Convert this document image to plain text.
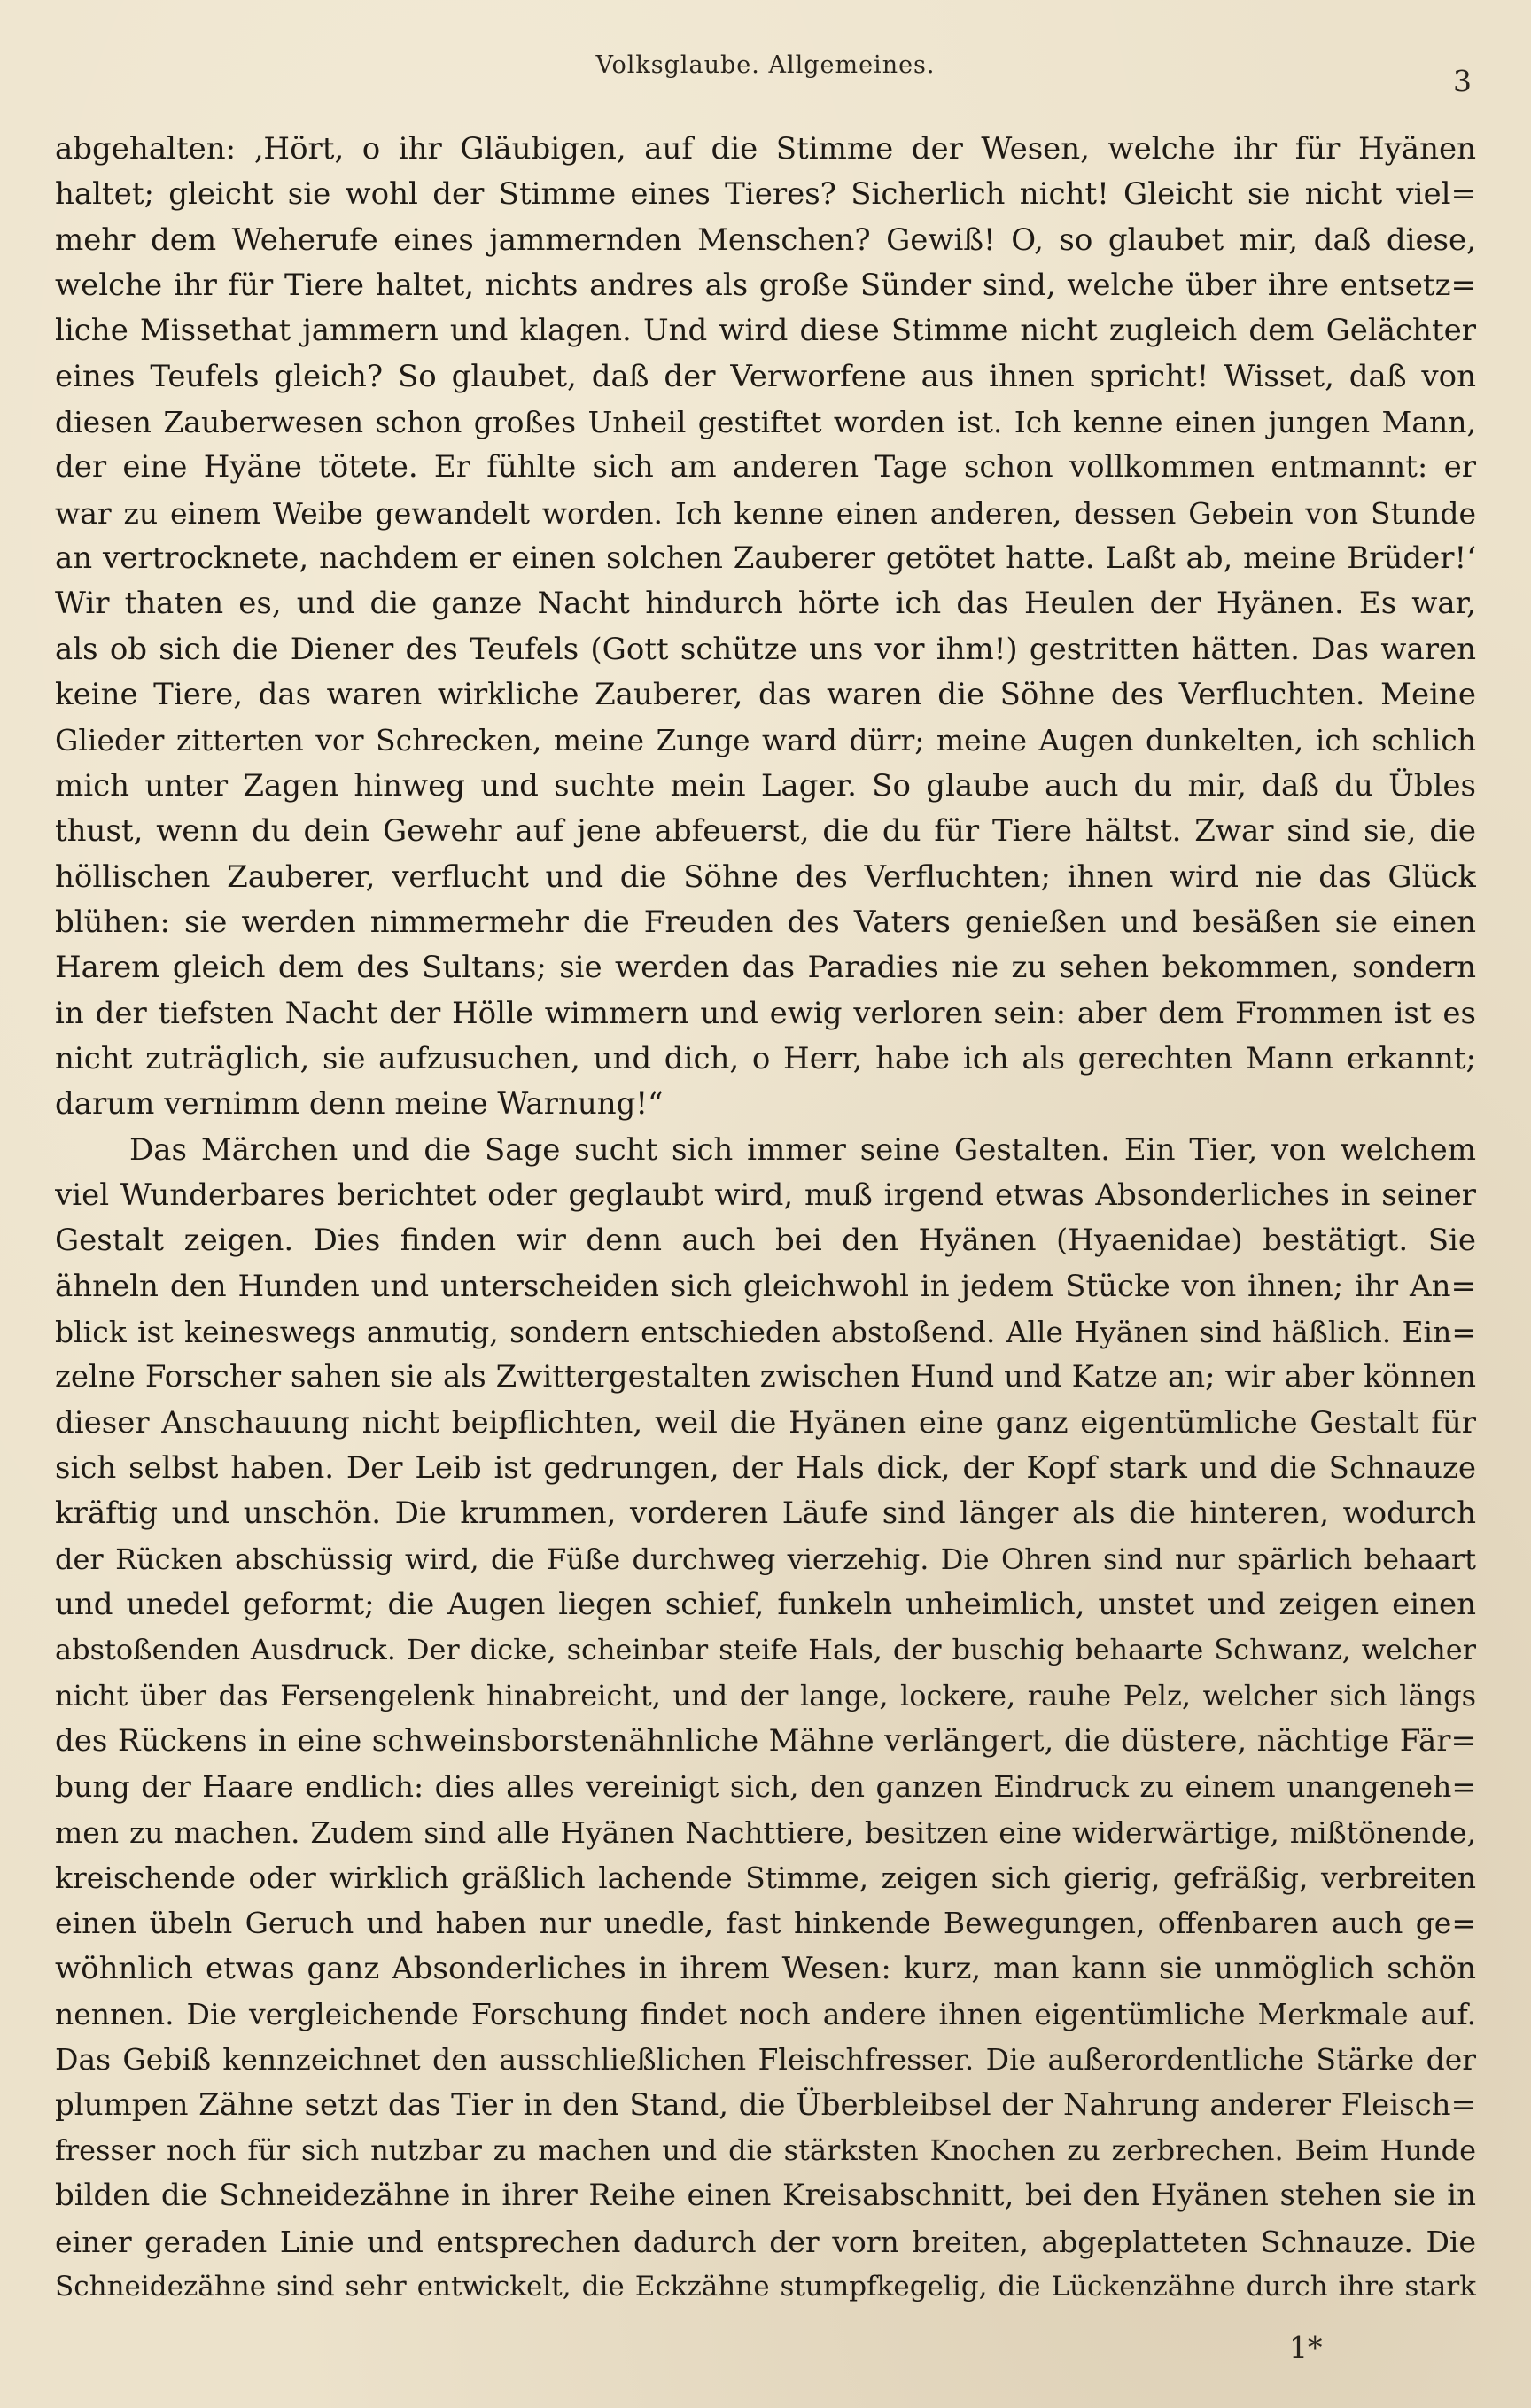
Volksglaube. Allgemeines.	3
abgehalten: ‚Hört, o ihr Gläubigen, auf die Stimme der Wesen, welche ihr für Hyänen
haltet; gleicht sie wohl der Stimme eines Tieres? Sicherlich nicht! Gleicht sie nicht viel=
mehr dem Weherufe eines jammernden Menschen? Gewiß! O, so glaubet mir, daß diese,
welche ihr für Tiere haltet, nichts andres als große Sünder sind, welche über ihre entsetz=
liche Missethat jammern und klagen. Und wird diese Stimme nicht zugleich dem Gelächter
eines Teufels gleich? So glaubet, daß der Verworfene aus ihnen spricht! Wisset, daß von
diesen Zauberwesen schon großes Unheil gestiftet worden ist. Ich kenne einen jungen Mann,
der eine Hyäne tötete. Er fühlte sich am anderen Tage schon vollkommen entmannt: er
war zu einem Weibe gewandelt worden. Ich kenne einen anderen, dessen Gebein von Stunde
an vertrocknete, nachdem er einen solchen Zauberer getötet hatte. Laßt ab, meine Brüder!‘
Wir thaten es, und die ganze Nacht hindurch hörte ich das Heulen der Hyänen. Es war,
als ob sich die Diener des Teufels (Gott schütze uns vor ihm!) gestritten hätten. Das waren
keine Tiere, das waren wirkliche Zauberer, das waren die Söhne des Verfluchten. Meine
Glieder zitterten vor Schrecken, meine Zunge ward dürr; meine Augen dunkelten, ich schlich
mich unter Zagen hinweg und suchte mein Lager. So glaube auch du mir, daß du Übles
thust, wenn du dein Gewehr auf jene abfeuerst, die du für Tiere hältst. Zwar sind sie, die
höllischen Zauberer, verflucht und die Söhne des Verfluchten; ihnen wird nie das Glück
blühen: sie werden nimmermehr die Freuden des Vaters genießen und besäßen sie einen
Harem gleich dem des Sultans; sie werden das Paradies nie zu sehen bekommen, sondern
in der tiefsten Nacht der Hölle wimmern und ewig verloren sein: aber dem Frommen ist es
nicht zuträglich, sie aufzusuchen, und dich, o Herr, habe ich als gerechten Mann erkannt;
darum vernimm denn meine Warnung!“
Das Märchen und die Sage sucht sich immer seine Gestalten. Ein Tier, von welchem
viel Wunderbares berichtet oder geglaubt wird, muß irgend etwas Absonderliches in seiner
Gestalt zeigen. Dies finden wir denn auch bei den Hyänen (Hyaenidae) bestätigt. Sie
ähneln den Hunden und unterscheiden sich gleichwohl in jedem Stücke von ihnen; ihr An=
blick ist keineswegs anmutig, sondern entschieden abstoßend. Alle Hyänen sind häßlich. Ein=
zelne Forscher sahen sie als Zwittergestalten zwischen Hund und Katze an; wir aber können
dieser Anschauung nicht beipflichten, weil die Hyänen eine ganz eigentümliche Gestalt für
sich selbst haben. Der Leib ist gedrungen, der Hals dick, der Kopf stark und die Schnauze
kräftig und unschön. Die krummen, vorderen Läufe sind länger als die hinteren, wodurch
der Rücken abschüssig wird, die Füße durchweg vierzehig. Die Ohren sind nur spärlich behaart
und unedel geformt; die Augen liegen schief, funkeln unheimlich, unstet und zeigen einen
abstoßenden Ausdruck. Der dicke, scheinbar steife Hals, der buschig behaarte Schwanz, welcher
nicht über das Fersengelenk hinabreicht, und der lange, lockere, rauhe Pelz, welcher sich längs
des Rückens in eine schweinsborstenähnliche Mähne verlängert, die düstere, nächtige Fär=
bung der Haare endlich: dies alles vereinigt sich, den ganzen Eindruck zu einem unangeneh=
men zu machen. Zudem sind alle Hyänen Nachttiere, besitzen eine widerwärtige, mißtönende,
kreischende oder wirklich gräßlich lachende Stimme, zeigen sich gierig, gefräßig, verbreiten
einen übeln Geruch und haben nur unedle, fast hinkende Bewegungen, offenbaren auch ge=
wöhnlich etwas ganz Absonderliches in ihrem Wesen: kurz, man kann sie unmöglich schön
nennen. Die vergleichende Forschung findet noch andere ihnen eigentümliche Merkmale auf.
Das Gebiß kennzeichnet den ausschließlichen Fleischfresser. Die außerordentliche Stärke der
plumpen Zähne setzt das Tier in den Stand, die Überbleibsel der Nahrung anderer Fleisch=
fresser noch für sich nutzbar zu machen und die stärksten Knochen zu zerbrechen. Beim Hunde
bilden die Schneidezähne in ihrer Reihe einen Kreisabschnitt, bei den Hyänen stehen sie in
einer geraden Linie und entsprechen dadurch der vorn breiten, abgeplatteten Schnauze. Die
Schneidezähne sind sehr entwickelt, die Eckzähne stumpfkegelig, die Lückenzähne durch ihre stark
1*
